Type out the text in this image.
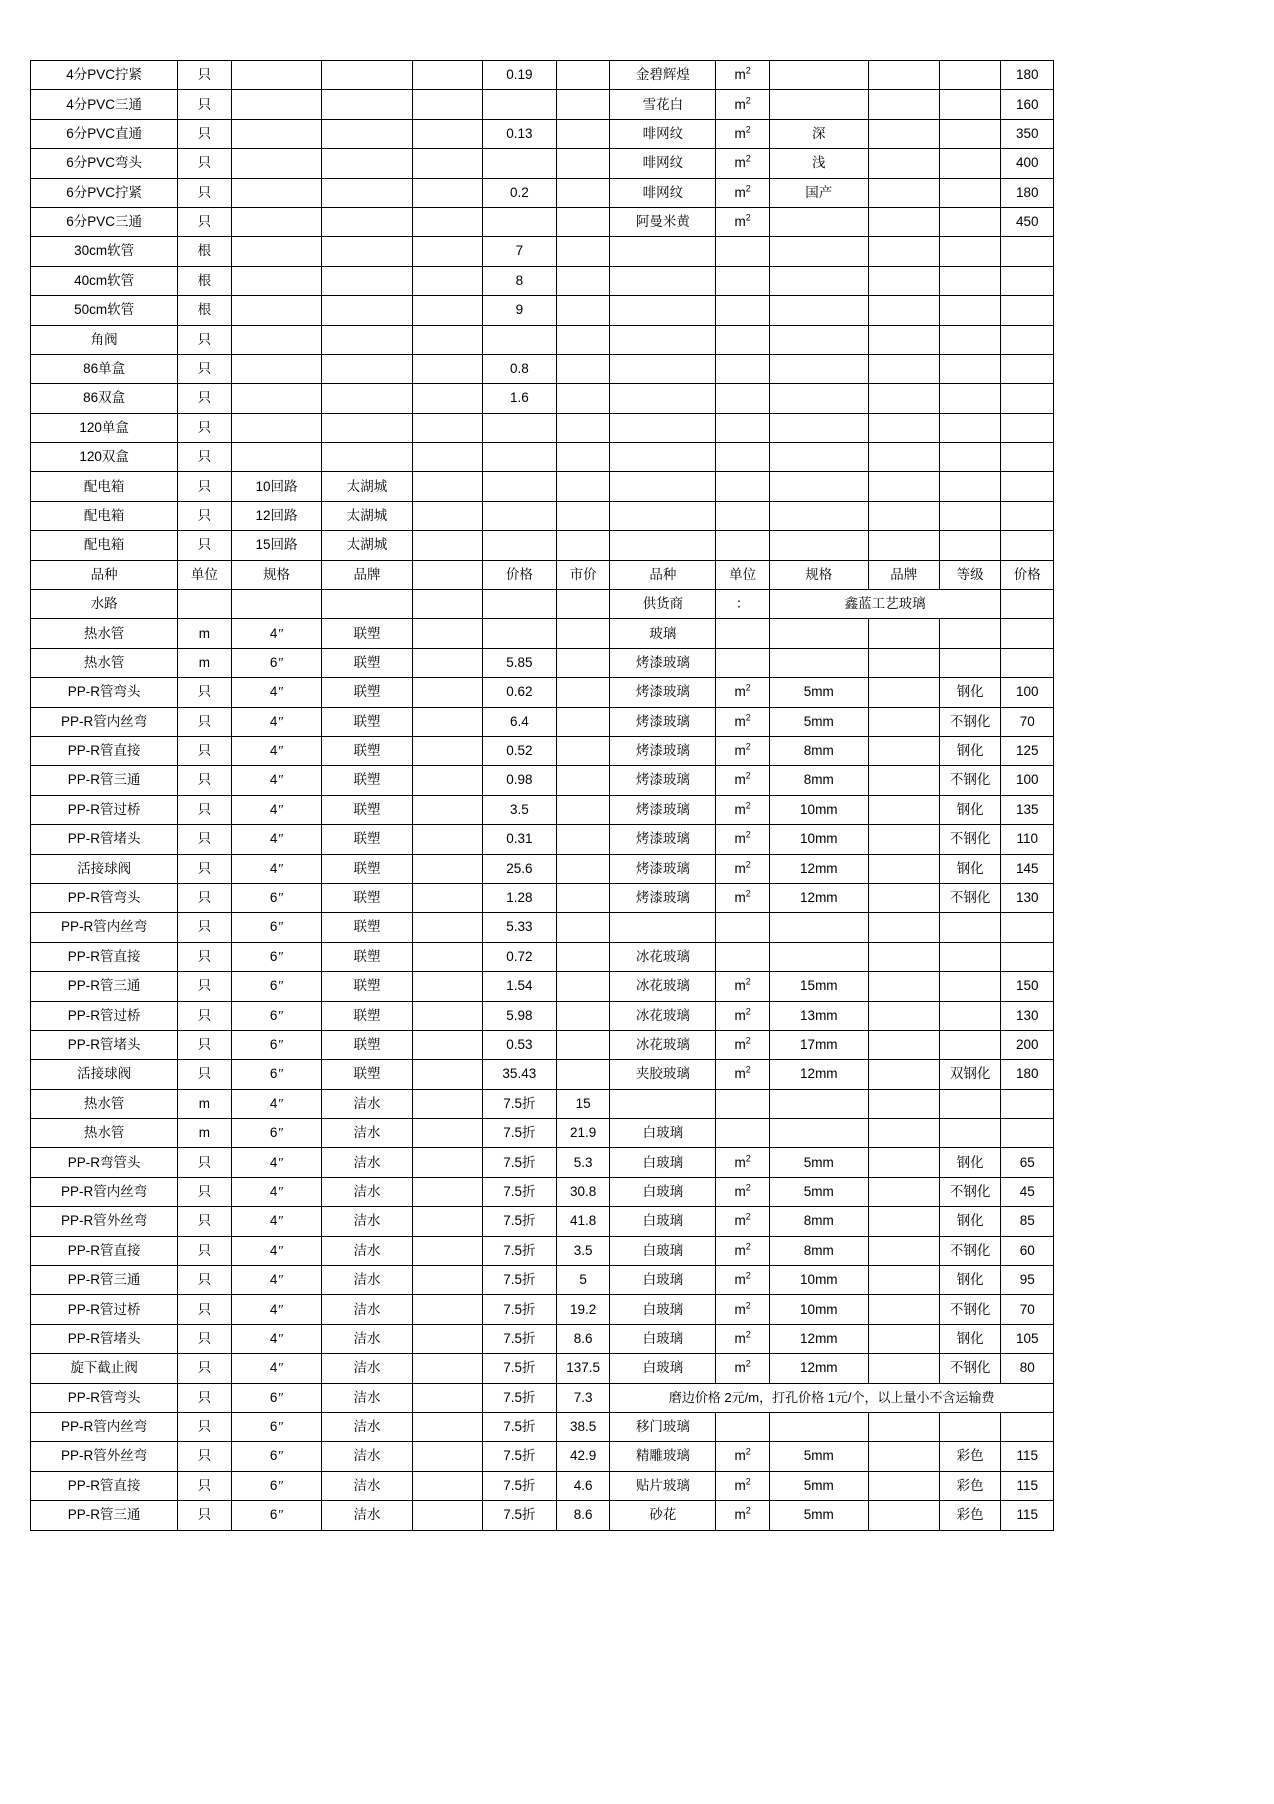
4分PVC拧紧	只				0.19		金碧辉煌	$m^2$				180
4分PVC三通	只						雪花白	$m^2$				160
6分PVC直通	只				0.13		啡网纹	$m^2$	深			350
6分PVC弯头	只						啡网纹	$m^2$	浅			400
6分PVC拧紧	只				0.2		啡网纹	$m^2$	国产			180
6分PVC三通	只						阿曼米黄	$m^2$				450
30cm软管	根				7							
40cm软管	根				8							
50cm软管	根				9							
角阀	只											
86单盒	只				0.8							
86双盒	只				1.6							
120单盒	只											
120双盒	只											
配电箱	只	10回路	太湖城									
配电箱	只	12回路	太湖城									
配电箱	只	15回路	太湖城									
品种	单位	规格	品牌		价格	市价	品种	单位	规格	品牌	等级	价格
水路							供货商	：	鑫蓝工艺玻璃			
热水管	m	4″	联塑				玻璃					
热水管	m	6″	联塑		5.85		烤漆玻璃					
PP-R管弯头	只	4″	联塑		0.62		烤漆玻璃	$m^2$	5mm		钢化	100
PP-R管内丝弯	只	4″	联塑		6.4		烤漆玻璃	$m^2$	5mm		不钢化	70
PP-R管直接	只	4″	联塑		0.52		烤漆玻璃	$m^2$	8mm		钢化	125
PP-R管三通	只	4″	联塑		0.98		烤漆玻璃	$m^2$	8mm		不钢化	100
PP-R管过桥	只	4″	联塑		3.5		烤漆玻璃	$m^2$	10mm		钢化	135
PP-R管堵头	只	4″	联塑		0.31		烤漆玻璃	$m^2$	10mm		不钢化	110
活接球阀	只	4″	联塑		25.6		烤漆玻璃	$m^2$	12mm		钢化	145
PP-R管弯头	只	6″	联塑		1.28		烤漆玻璃	$m^2$	12mm		不钢化	130
PP-R管内丝弯	只	6″	联塑		5.33							
PP-R管直接	只	6″	联塑		0.72		冰花玻璃					
PP-R管三通	只	6″	联塑		1.54		冰花玻璃	$m^2$	15mm			150
PP-R管过桥	只	6″	联塑		5.98		冰花玻璃	$m^2$	13mm			130
PP-R管堵头	只	6″	联塑		0.53		冰花玻璃	$m^2$	17mm			200
活接球阀	只	6″	联塑		35.43		夹胶玻璃	$m^2$	12mm		双钢化	180
热水管	m	4″	洁水		7.5折	15						
热水管	m	6″	洁水		7.5折	21.9	白玻璃					
PP-R弯管头	只	4″	洁水		7.5折	5.3	白玻璃	$m^2$	5mm		钢化	65
PP-R管内丝弯	只	4″	洁水		7.5折	30.8	白玻璃	$m^2$	5mm		不钢化	45
PP-R管外丝弯	只	4″	洁水		7.5折	41.8	白玻璃	$m^2$	8mm		钢化	85
PP-R管直接	只	4″	洁水		7.5折	3.5	白玻璃	$m^2$	8mm		不钢化	60
PP-R管三通	只	4″	洁水		7.5折	5	白玻璃	$m^2$	10mm		钢化	95
PP-R管过桥	只	4″	洁水		7.5折	19.2	白玻璃	$m^2$	10mm		不钢化	70
PP-R管堵头	只	4″	洁水		7.5折	8.6	白玻璃	$m^2$	12mm		钢化	105
旋下截止阀	只	4″	洁水		7.5折	137.5	白玻璃	$m^2$	12mm		不钢化	80
PP-R管弯头	只	6″	洁水		7.5折	7.3	磨边价格 2元/m，打孔价格 1元/个，以上量小不含运输费					
PP-R管内丝弯	只	6″	洁水		7.5折	38.5	移门玻璃					
PP-R管外丝弯	只	6″	洁水		7.5折	42.9	精雕玻璃	$m^2$	5mm		彩色	115
PP-R管直接	只	6″	洁水		7.5折	4.6	贴片玻璃	$m^2$	5mm		彩色	115
PP-R管三通	只	6″	洁水		7.5折	8.6	砂花	$m^2$	5mm		彩色	115
